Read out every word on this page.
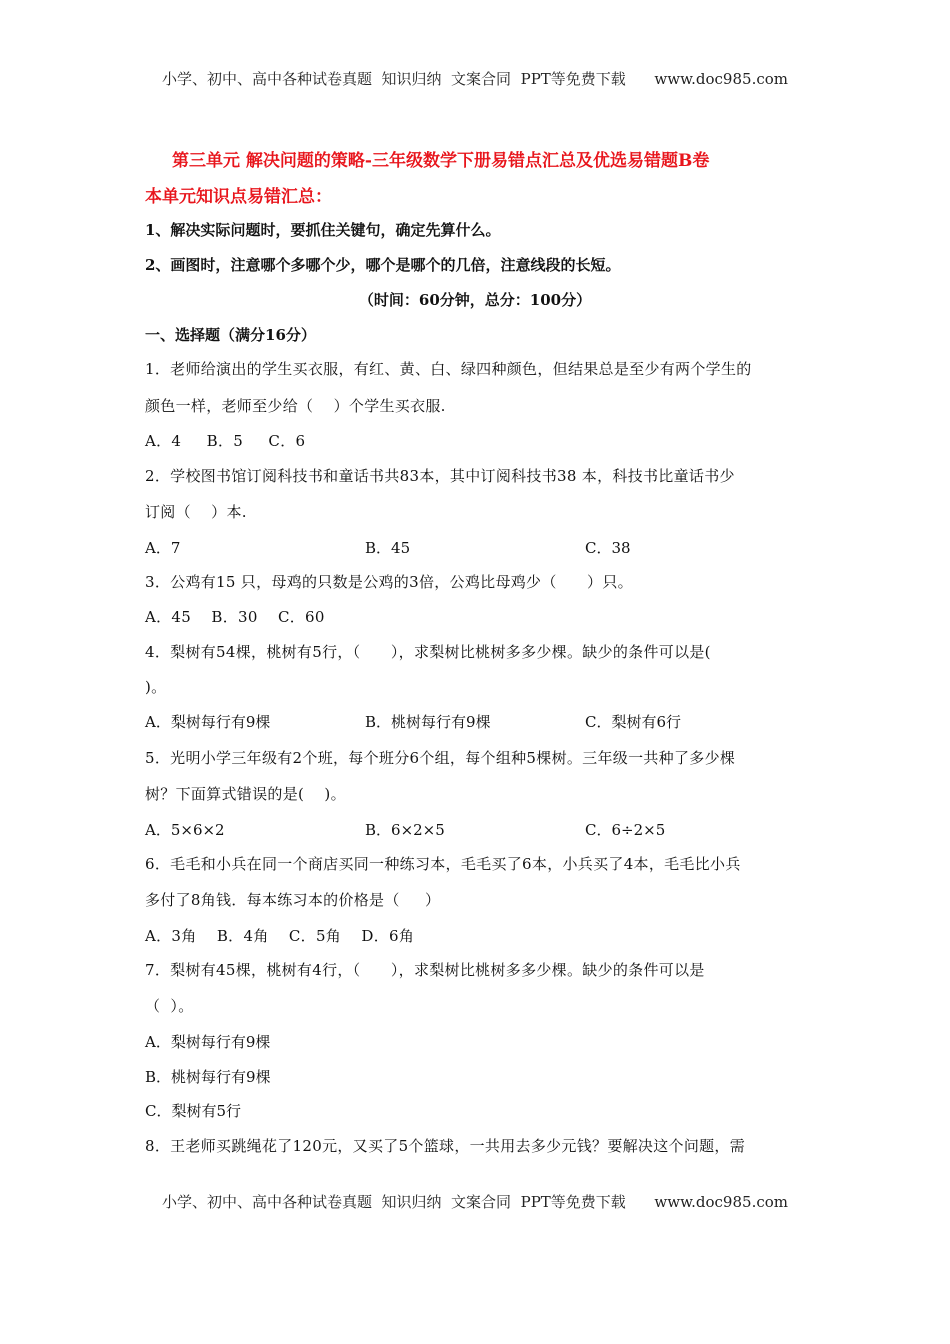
小学、初中、高中各种试卷真题  知识归纳  文案合同  PPT等免费下载      www.doc985.com
第三单元 解决问题的策略-三年级数学下册易错点汇总及优选易错题B卷
本单元知识点易错汇总：
1、解决实际问题时，要抓住关键句，确定先算什么。
2、画图时，注意哪个多哪个少，哪个是哪个的几倍，注意线段的长短。
（时间：60分钟，总分：100分）
一、选择题（满分16分）
1．老师给演出的学生买衣服，有红、黄、白、绿四种颜色，但结果总是至少有两个学生的
颜色一样，老师至少给（    ）个学生买衣服.
A．4     B．5     C．6
2．学校图书馆订阅科技书和童话书共83本，其中订阅科技书38 本，科技书比童话书少
订阅（    ）本.
A．7	B．45	C．38
3．公鸡有15 只，母鸡的只数是公鸡的3倍，公鸡比母鸡少（      ）只。
A．45    B．30    C．60
4．梨树有54棵，桃树有5行，（      ），求梨树比桃树多多少棵。缺少的条件可以是(
)。
A．梨树每行有9棵	B．桃树每行有9棵	C．梨树有6行
5．光明小学三年级有2个班，每个班分6个组，每个组种5棵树。三年级一共种了多少棵
树？下面算式错误的是(    )。
A．5×6×2	B．6×2×5	C．6÷2×5
6．毛毛和小兵在同一个商店买同一种练习本，毛毛买了6本，小兵买了4本，毛毛比小兵
多付了8角钱．每本练习本的价格是（     ）
A．3角    B．4角    C．5角    D．6角
7．梨树有45棵，桃树有4行，（      ），求梨树比桃树多多少棵。缺少的条件可以是
（  ）。
A．梨树每行有9棵
B．桃树每行有9棵
C．梨树有5行
8．王老师买跳绳花了120元，又买了5个篮球，一共用去多少元钱？要解决这个问题，需
小学、初中、高中各种试卷真题  知识归纳  文案合同  PPT等免费下载      www.doc985.com
